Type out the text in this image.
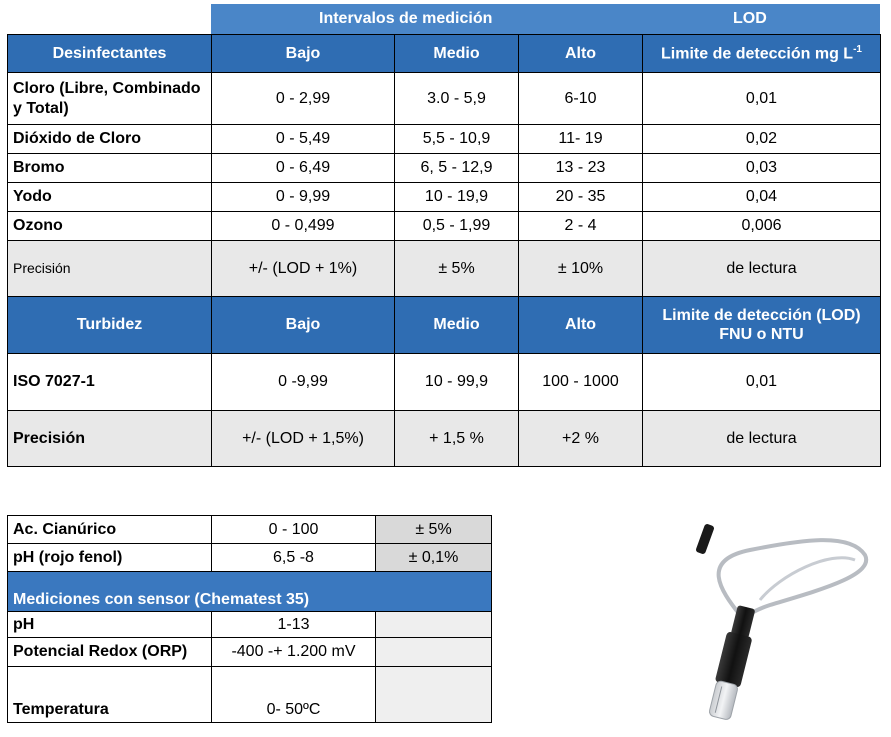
Intervalos de medición	LOD
Desinfectantes	Bajo	Medio	Alto	Limite de detección mg $L^{-1}$
Cloro (Libre, Combinado y Total)	0 - 2,99	3.0 - 5,9	6-10	0,01
Dióxido de Cloro	0 - 5,49	5,5 - 10,9	11- 19	0,02
Bromo	0 - 6,49	6, 5 - 12,9	13 - 23	0,03
Yodo	0 - 9,99	10 - 19,9	20 - 35	0,04
Ozono	0 - 0,499	0,5 - 1,99	2 - 4	0,006
Precisión	+/- (LOD + 1%)	± 5%	± 10%	de lectura
Turbidez	Bajo	Medio	Alto	Limite de detección (LOD)
FNU o NTU
ISO 7027-1	0 -9,99	10 - 99,9	100 - 1000	0,01
Precisión	+/- (LOD + 1,5%)	+ 1,5 %	+2 %	de lectura
Ac. Cianúrico	0 - 100	± 5%
pH (rojo fenol)	6,5 -8	± 0,1%
Mediciones con sensor (Chematest 35)		
pH	1-13	
Potencial Redox (ORP)	-400 -+ 1.200 mV	
Temperatura	0- 50ºC	
